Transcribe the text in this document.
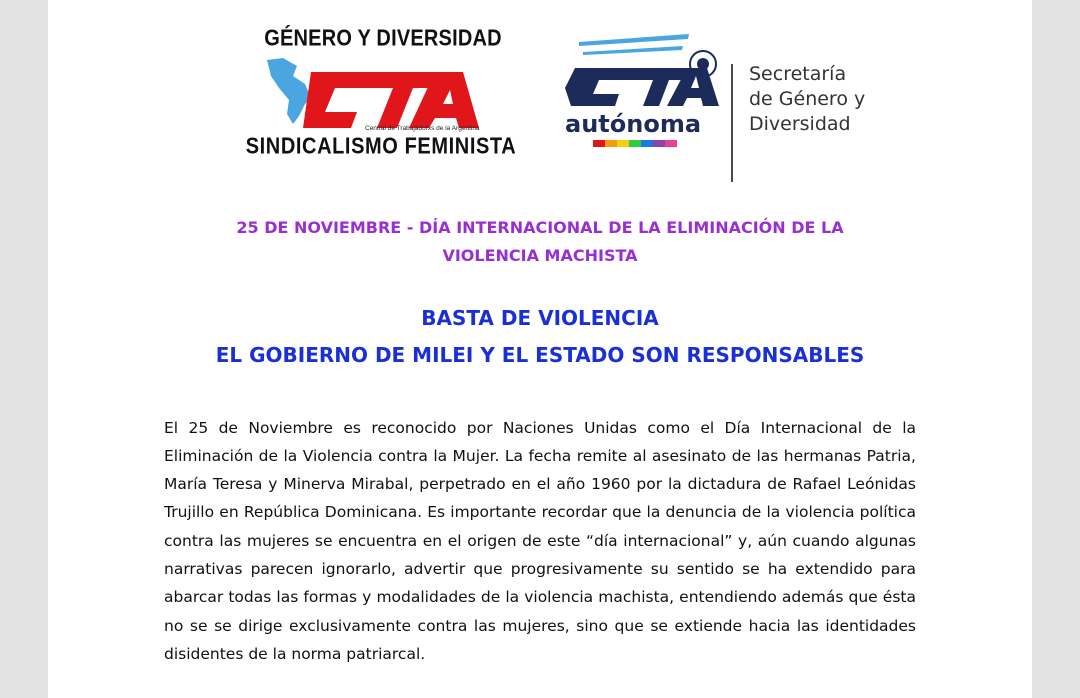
GÉNERO Y DIVERSIDAD
Central de Trabajadorxs de la Argentina
SINDICALISMO FEMINISTA
autónoma
Secretaría
de Género y
Diversidad
25 DE NOVIEMBRE - DÍA INTERNACIONAL DE LA ELIMINACIÓN DE LA
VIOLENCIA MACHISTA
BASTA DE VIOLENCIA
EL GOBIERNO DE MILEI Y EL ESTADO SON RESPONSABLES

El 25 de Noviembre es reconocido por Naciones Unidas como el Día Internacional de la Eliminación de la Violencia contra la Mujer. La fecha remite al asesinato de las hermanas Patria, María Teresa y Minerva Mirabal, perpetrado en el año 1960 por la dictadura de Rafael Leónidas Trujillo en República Dominicana. Es importante recordar que la denuncia de la violencia política contra las mujeres se encuentra en el origen de este “día internacional” y, aún cuando algunas narrativas parecen ignorarlo, advertir que progresivamente su sentido se ha extendido para abarcar todas las formas y modalidades de la violencia machista, entendiendo además que ésta no se se dirige exclusivamente contra las mujeres, sino que se extiende hacia las identidades disidentes de la norma patriarcal.
